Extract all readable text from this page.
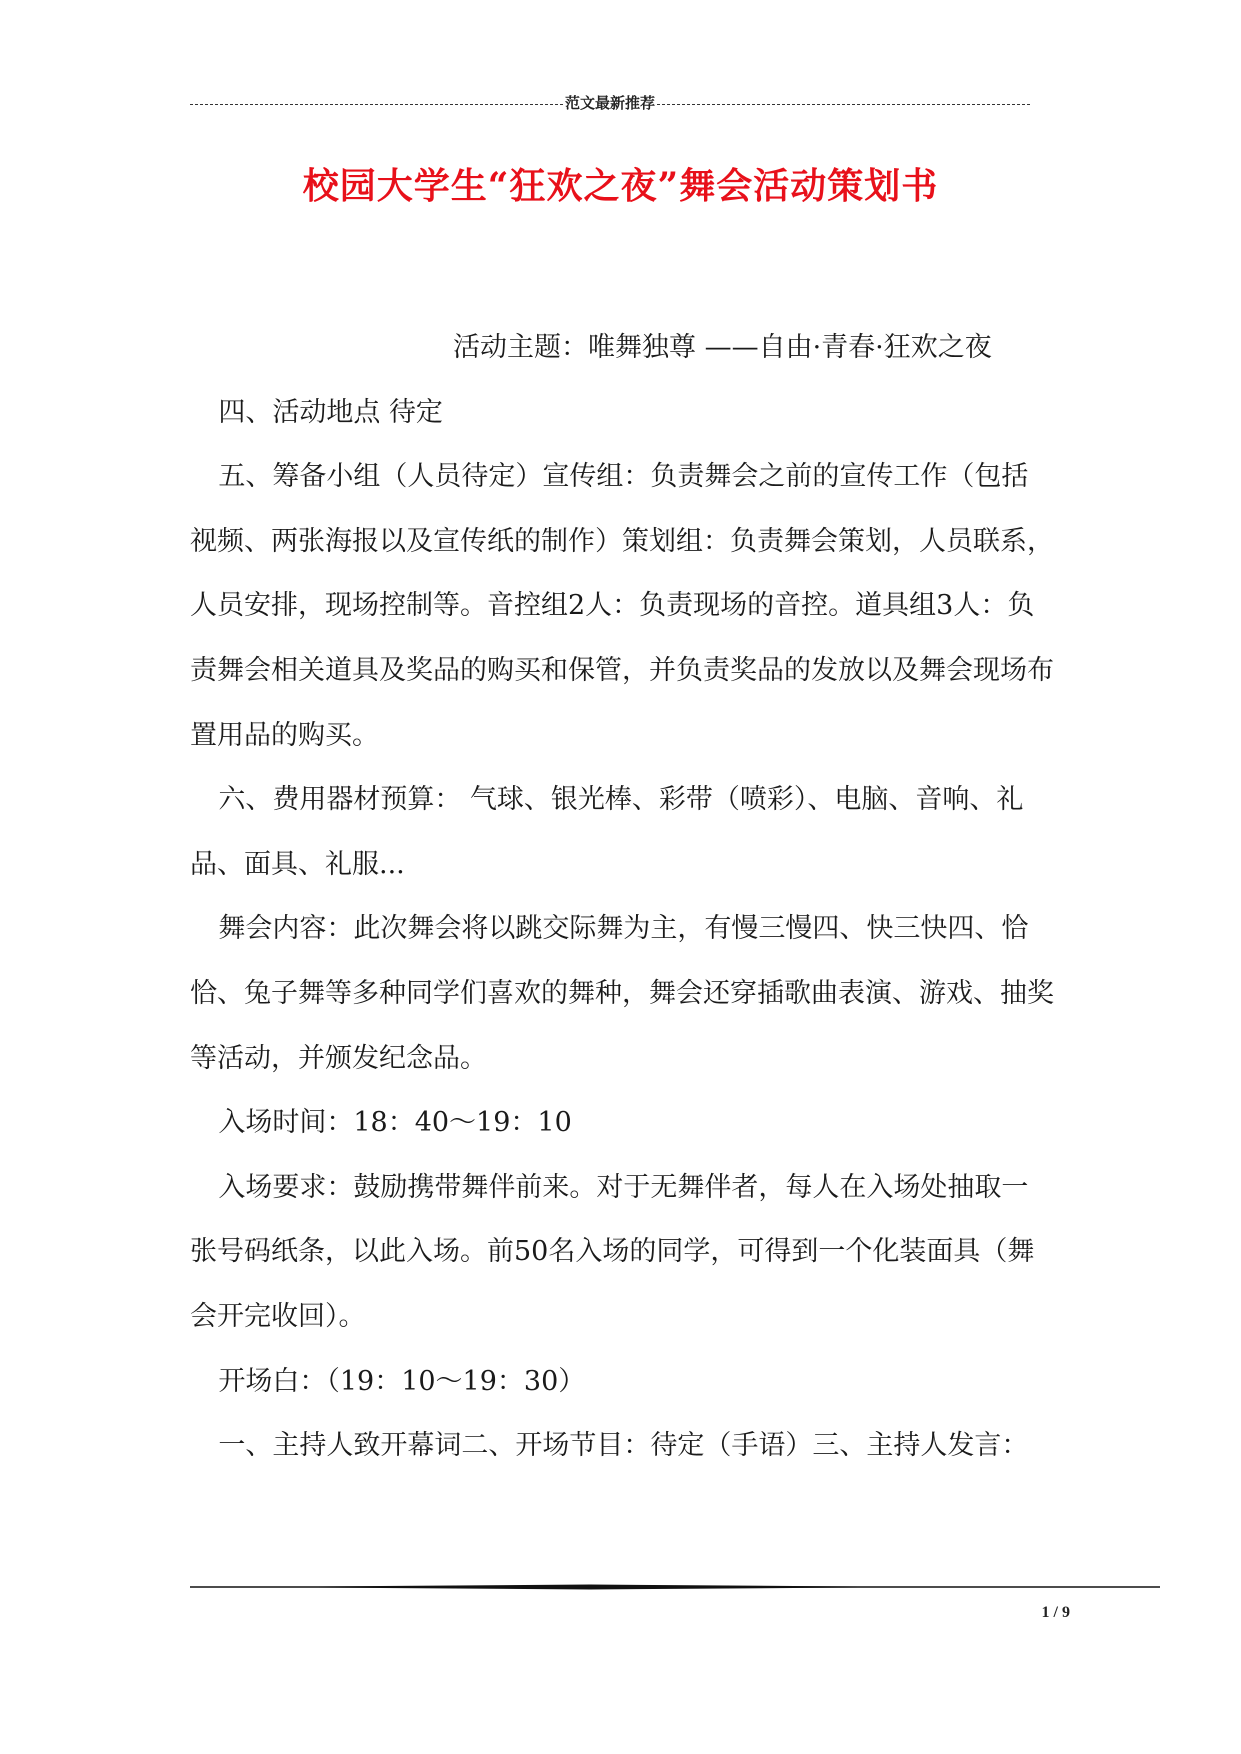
范文最新推荐
校园大学生“狂欢之夜”舞会活动策划书

活动主题：唯舞独尊 ——自由·青春·狂欢之夜

四、活动地点 待定

五、筹备小组（人员待定）宣传组：负责舞会之前的宣传工作（包括视频、两张海报以及宣传纸的制作）策划组：负责舞会策划，人员联系，人员安排，现场控制等。音控组2人：负责现场的音控。道具组3人：负责舞会相关道具及奖品的购买和保管，并负责奖品的发放以及舞会现场布置用品的购买。

六、费用器材预算： 气球、银光棒、彩带（喷彩）、电脑、音响、礼品、面具、礼服...

舞会内容：此次舞会将以跳交际舞为主，有慢三慢四、快三快四、恰恰、兔子舞等多种同学们喜欢的舞种，舞会还穿插歌曲表演、游戏、抽奖等活动，并颁发纪念品。

入场时间：18：40～19：10

入场要求：鼓励携带舞伴前来。对于无舞伴者，每人在入场处抽取一张号码纸条，以此入场。前50名入场的同学，可得到一个化装面具（舞会开完收回）。

开场白：（19：10～19：30）

一、主持人致开幕词二、开场节目：待定（手语）三、主持人发言：

1 / 9
